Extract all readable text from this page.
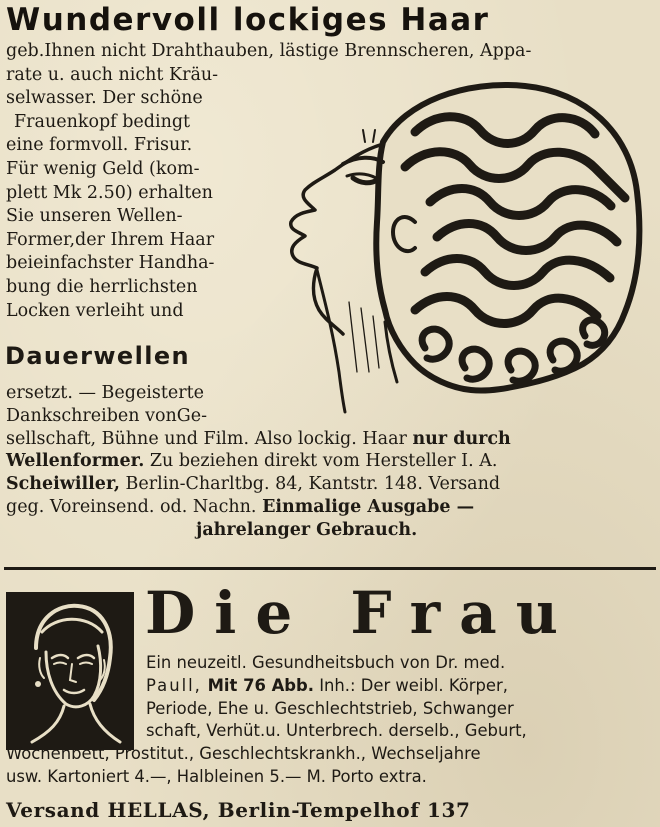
Wundervoll lockiges Haar
geb.Ihnen nicht Drahthauben, lästige Brennscheren, Appa-
rate u. auch nicht Kräu-
selwasser. Der schöne
Frauenkopf bedingt
eine formvoll. Frisur.
Für wenig Geld (kom-
plett Mk 2.50) erhalten
Sie unseren Wellen-
Former,der Ihrem Haar
beieinfachster Handha-
bung die herrlichsten
Locken verleiht und
Dauerwellen
ersetzt. — Begeisterte
Dankschreiben vonGe-
sellschaft, Bühne und Film. Also lockig. Haar nur durch
Wellenformer. Zu beziehen direkt vom Hersteller I. A.
Scheiwiller, Berlin-Charltbg. 84, Kantstr. 148. Versand
geg. Voreinsend. od. Nachn. Einmalige Ausgabe —
jahrelanger Gebrauch.
Die Frau
Ein neuzeitl. Gesundheitsbuch von Dr. med.
Paull, Mit 76 Abb. Inh.: Der weibl. Körper,
Periode, Ehe u. Geschlechtstrieb, Schwanger
schaft, Verhüt.u. Unterbrech. derselb., Geburt,
Wochenbett, Prostitut., Geschlechtskrankh., Wechseljahre
usw. Kartoniert 4.—, Halbleinen 5.— M. Porto extra.
Versand HELLAS, Berlin-Tempelhof 137
